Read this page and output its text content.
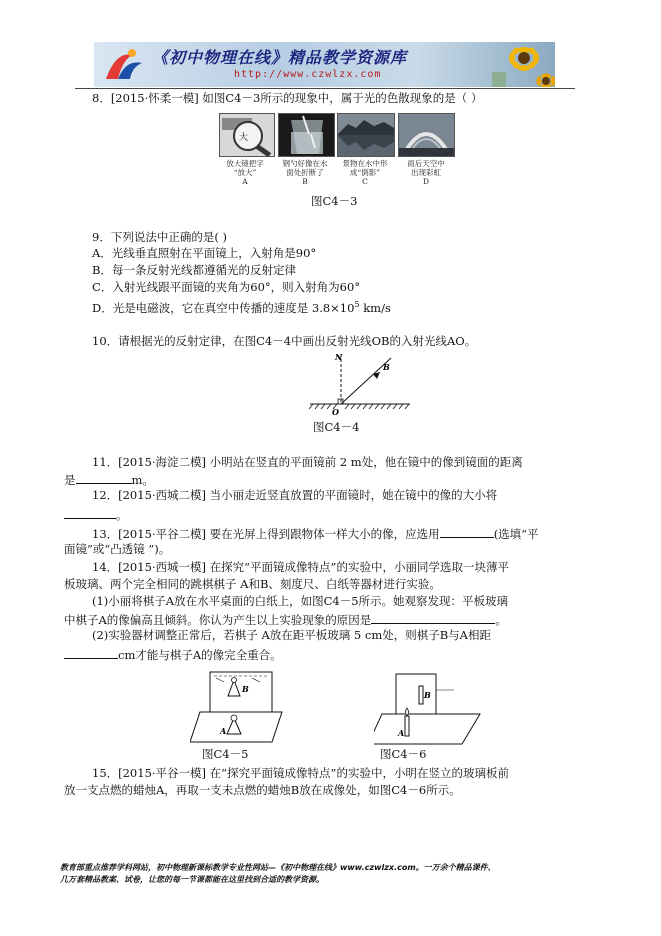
《初中物理在线》精品教学资源库
http://www.czwlzx.com
8．[2015·怀柔一模] 如图C4－3所示的现象中，属于光的色散现象的是（ ）
大
放大镜把字
“放大”
A
钢勺好像在水
面处折断了
B
景物在水中形
成“倒影”
C
雨后天空中
出现彩虹
D
图C4－3
9．下列说法中正确的是( )
A．光线垂直照射在平面镜上，入射角是90°
B．每一条反射光线都遵循光的反射定律
C．入射光线跟平面镜的夹角为60°，则入射角为60°
D．光是电磁波，它在真空中传播的速度是 $3.8\times 10^5$ km/s
10．请根据光的反射定律，在图C4－4中画出反射光线OB的入射光线AO。
N
B
O
图C4－4
11．[2015·海淀二模] 小明站在竖直的平面镜前 2 m处，他在镜中的像到镜面的距离
是	m。
12．[2015·西城二模] 当小丽走近竖直放置的平面镜时，她在镜中的像的大小将
。
13．[2015·平谷二模] 要在光屏上得到跟物体一样大小的像，应选用	(选填“平
面镜”或“凸透镜 ”)。
14．[2015·西城一模] 在探究“平面镜成像特点”的实验中，小丽同学选取一块薄平
板玻璃、两个完全相同的跳棋棋子 A和B、刻度尺、白纸等器材进行实验。
(1)小丽将棋子A放在水平桌面的白纸上，如图C4－5所示。她观察发现：平板玻璃
中棋子A的像偏高且倾斜。你认为产生以上实验现象的原因是	。
(2)实验器材调整正常后，若棋子 A放在距平板玻璃 5 cm处，则棋子B与A相距
cm才能与棋子A的像完全重合。
B
A
B
A
图C4－5	图C4－6
15．[2015·平谷一模] 在“探究平面镜成像特点”的实验中，小明在竖立的玻璃板前
放一支点燃的蜡烛A，再取一支未点燃的蜡烛B放在成像处，如图C4－6所示。
教育部重点推荐学科网站，初中物理新课标教学专业性网站—《初中物理在线》www.czwlzx.com。一万余个精品课件、
几万套精品教案、试卷，让您的每一节课都能在这里找到合适的教学资源。
